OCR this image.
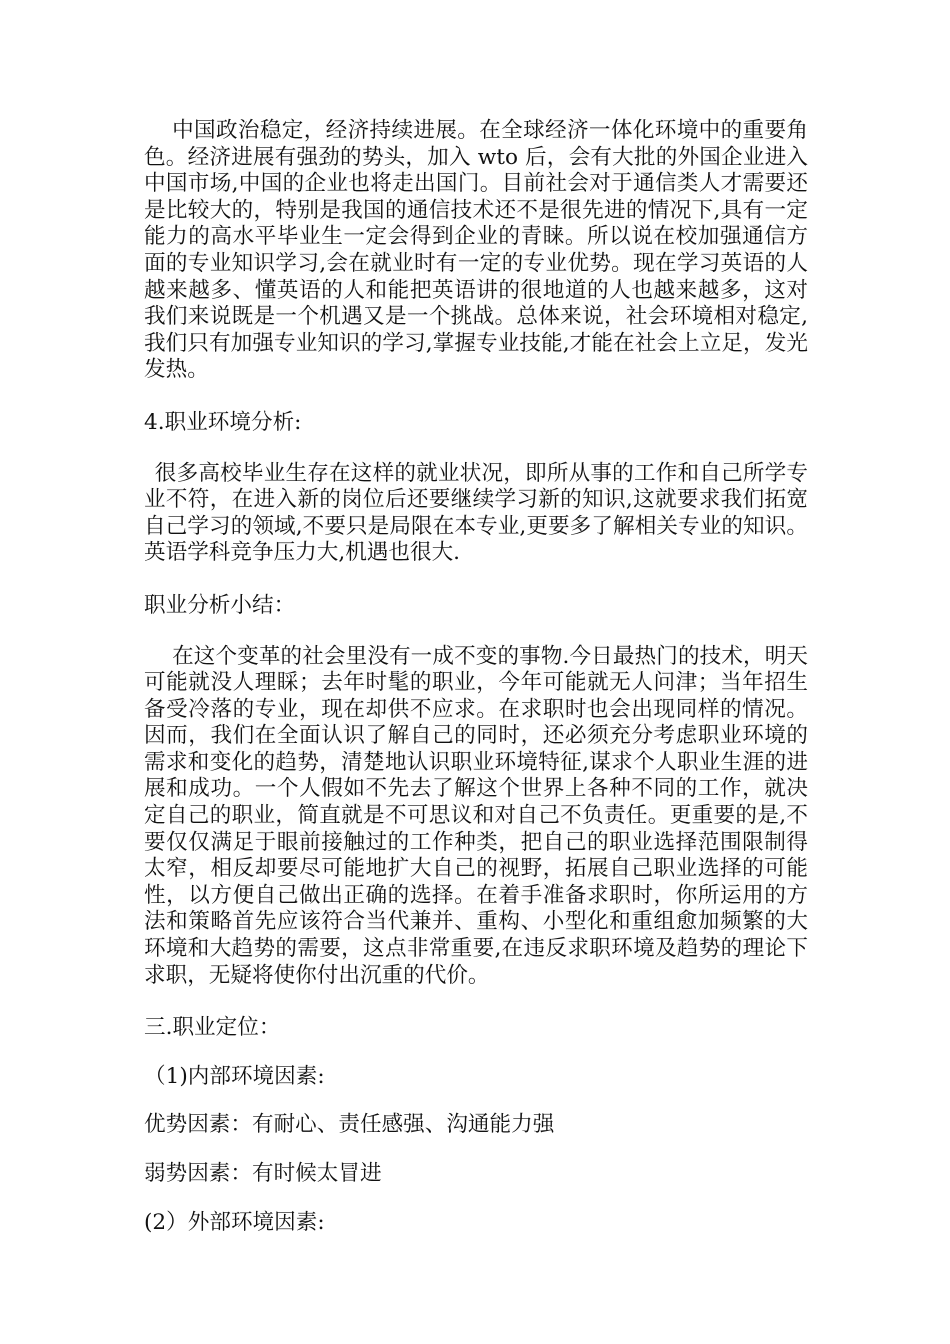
中国政治稳定，经济持续进展。在全球经济一体化环境中的重要角色。经济进展有强劲的势头，加入 wto 后，会有大批的外国企业进入中国市场,中国的企业也将走出国门。目前社会对于通信类人才需要还是比较大的，特别是我国的通信技术还不是很先进的情况下,具有一定能力的高水平毕业生一定会得到企业的青睐。所以说在校加强通信方面的专业知识学习,会在就业时有一定的专业优势。现在学习英语的人越来越多、懂英语的人和能把英语讲的很地道的人也越来越多，这对我们来说既是一个机遇又是一个挑战。总体来说，社会环境相对稳定,我们只有加强专业知识的学习,掌握专业技能,才能在社会上立足，发光发热。

4.职业环境分析:

很多高校毕业生存在这样的就业状况，即所从事的工作和自己所学专业不符，在进入新的岗位后还要继续学习新的知识,这就要求我们拓宽自己学习的领域,不要只是局限在本专业,更要多了解相关专业的知识。英语学科竞争压力大,机遇也很大.

职业分析小结：

在这个变革的社会里没有一成不变的事物.今日最热门的技术，明天可能就没人理睬；去年时髦的职业，今年可能就无人问津；当年招生备受冷落的专业，现在却供不应求。在求职时也会出现同样的情况。因而，我们在全面认识了解自己的同时，还必须充分考虑职业环境的需求和变化的趋势，清楚地认识职业环境特征,谋求个人职业生涯的进展和成功。一个人假如不先去了解这个世界上各种不同的工作，就决定自己的职业，简直就是不可思议和对自己不负责任。更重要的是,不要仅仅满足于眼前接触过的工作种类，把自己的职业选择范围限制得太窄，相反却要尽可能地扩大自己的视野，拓展自己职业选择的可能性，以方便自己做出正确的选择。在着手准备求职时，你所运用的方法和策略首先应该符合当代兼并、重构、小型化和重组愈加频繁的大环境和大趋势的需要，这点非常重要,在违反求职环境及趋势的理论下求职，无疑将使你付出沉重的代价。

三.职业定位：

（1)内部环境因素:

优势因素：有耐心、责任感强、沟通能力强

弱势因素：有时候太冒进

(2）外部环境因素:
